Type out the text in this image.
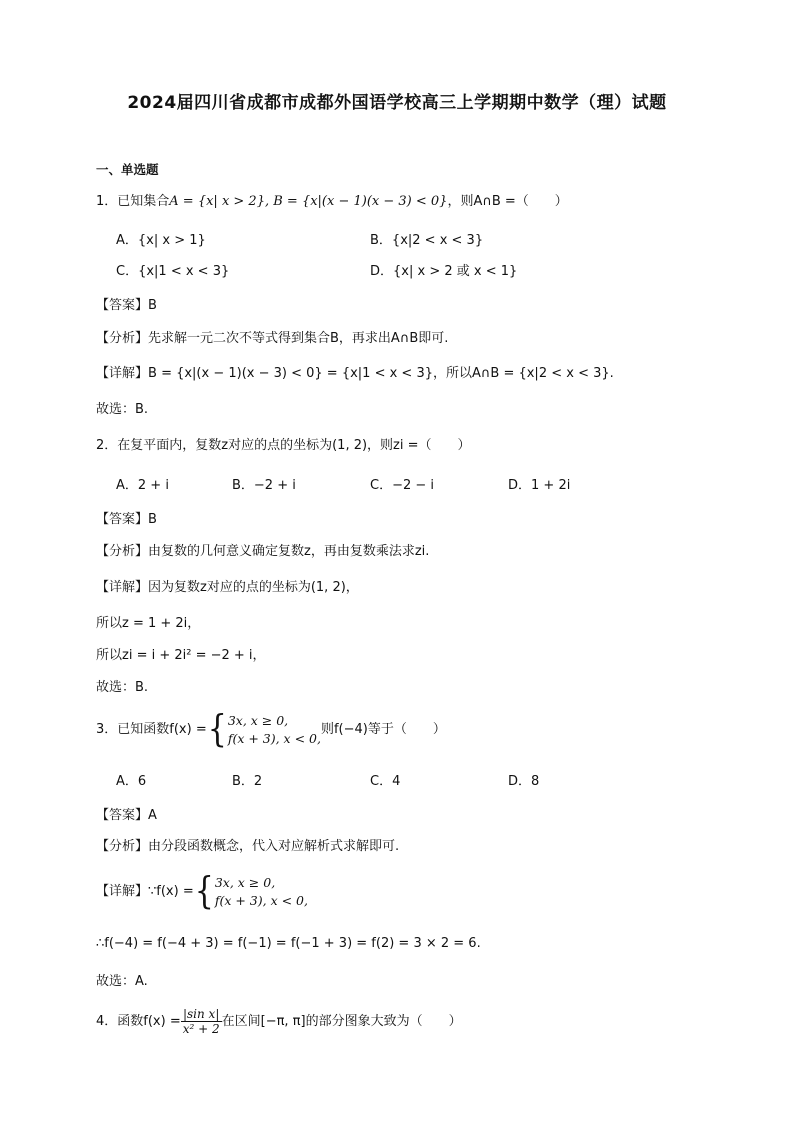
2024届四川省成都市成都外国语学校高三上学期期中数学（理）试题
一、单选题
1．已知集合A = {x| x > 2}, B = {x|(x − 1)(x − 3) < 0}，则A∩B =（　　）
A．{x| x > 1}	B．{x|2 < x < 3}
C．{x|1 < x < 3}	D．{x| x > 2 或 x < 1}
【答案】B
【分析】先求解一元二次不等式得到集合B，再求出A∩B即可.
【详解】B = {x|(x − 1)(x − 3) < 0} = {x|1 < x < 3}，所以A∩B = {x|2 < x < 3}.
故选：B.
2．在复平面内，复数z对应的点的坐标为(1, 2)，则zi =（　　）
A．2 + i	B．−2 + i	C．−2 − i	D．1 + 2i
【答案】B
【分析】由复数的几何意义确定复数z，再由复数乘法求zi.
【详解】因为复数z对应的点的坐标为(1, 2)，
所以z = 1 + 2i，
所以zi = i + 2i² = −2 + i，
故选：B.
3．已知函数f(x) ={ 3x, x ≥ 0,
f(x + 3), x < 0,
则f(−4)等于（　　）
A．6	B．2	C．4	D．8
【答案】A
【分析】由分段函数概念，代入对应解析式求解即可.
【详解】∵f(x) ={ 3x, x ≥ 0,
f(x + 3), x < 0,
∴f(−4) = f(−4 + 3) = f(−1) = f(−1 + 3) = f(2) = 3 × 2 = 6.
故选：A.
4．函数$f(x) = \frac{\text{|sin x|}}{\text{x² + 2}}$ 在区间[−π, π]的部分图象大致为（　　）
